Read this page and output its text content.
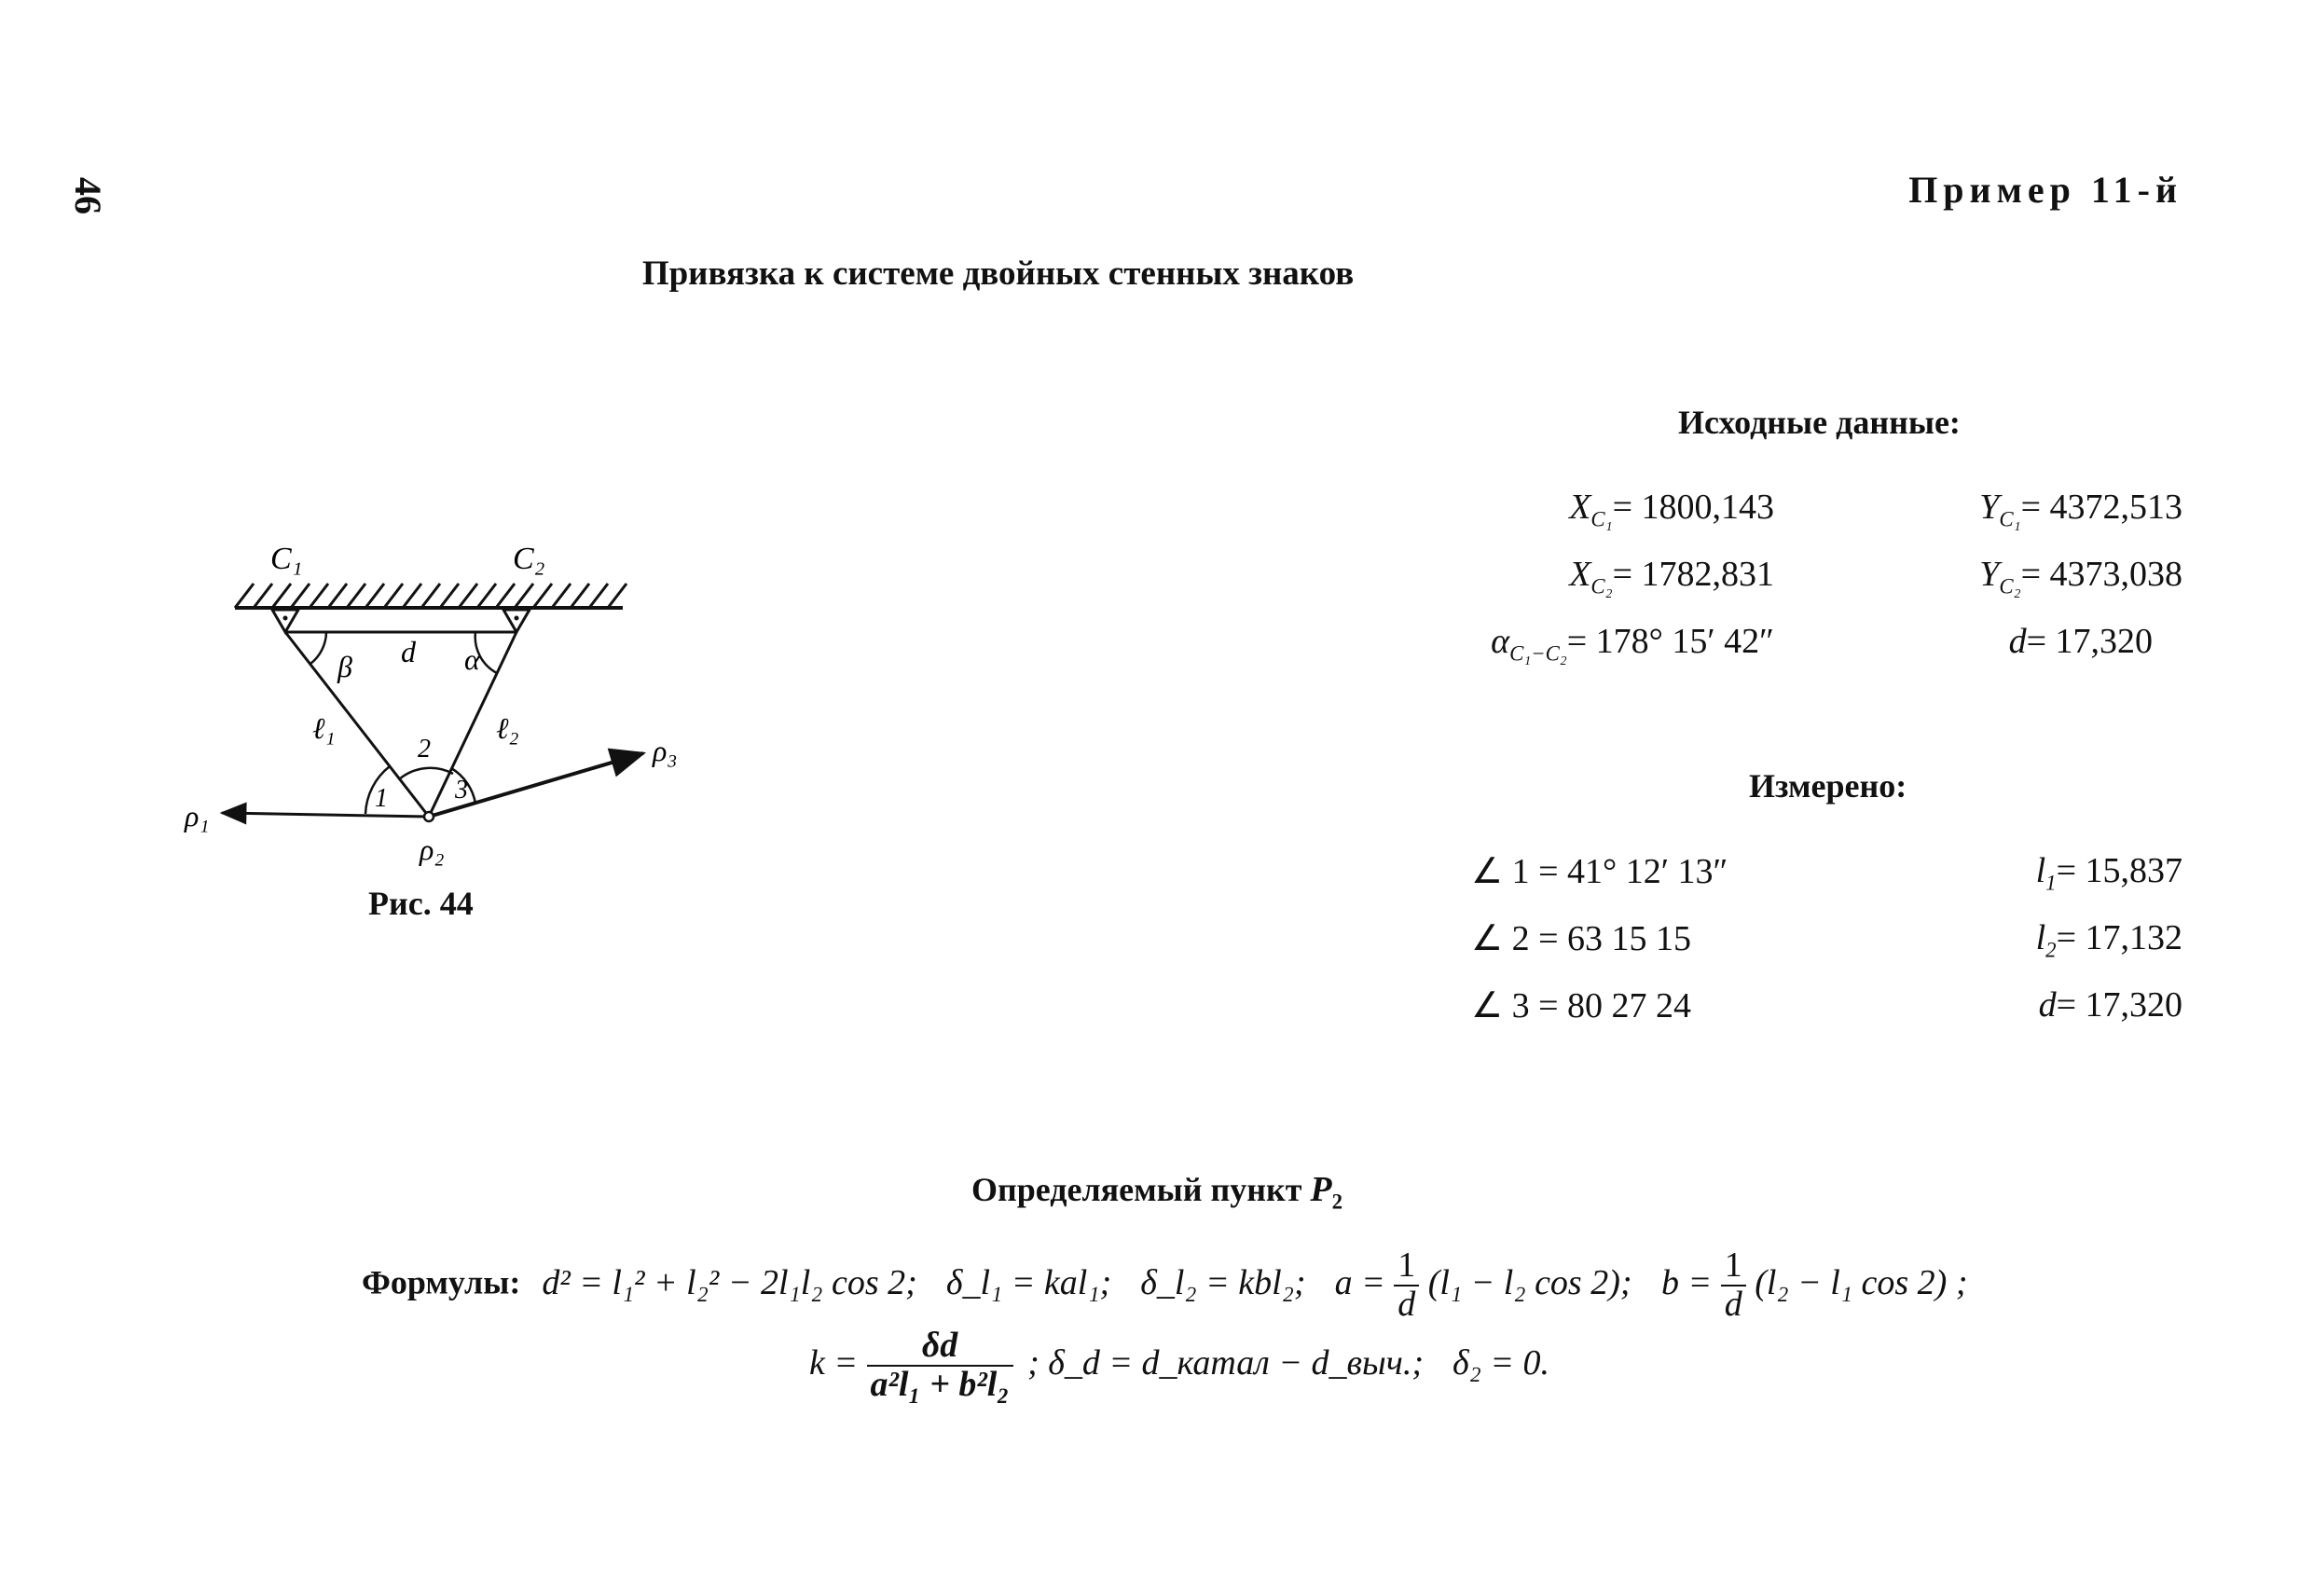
46	Пример 11-й
Привязка к системе двойных стенных знаков
C₁	C₂
d α
β
ℓ₁	ℓ₂
1
2
3
ρ₁
ρ₂
ρ₃
Рис. 44
Исходные данные:
$X_{C_1}= 1800,143$	$Y_{C_1}= 4372,513$
$X_{C_2}= 1782,831$	$Y_{C_2}= 4373,038$
$\alpha_{C_1-C_2}= 178^\circ$ 15′ 42″	d= 17,320
Измерено:
∠ 1 = 41° 12′ 13″	$l_1= 15,837$
∠ 2 = 63 15 15	$l_2= 17,132$
∠ 3 = 80 27 24	d= 17,320
Определяемый пункт $P_2$
Формулы: d² = l₁² + l₂² − 2l₁l₂ cos 2; δ_l₁ = kal₁; δ_l₂ = kbl₂; $a = \frac{1}{d} (l_1 - l_2$ cos 2); $b = \frac{1}{d} (l_2 - l_1$ cos 2) ;
$k = \frac{\delta d}{\text{a²l₁ + b²l₂}}$ ; δ_d = d_катал − d_выч.; δ₂ = 0.
